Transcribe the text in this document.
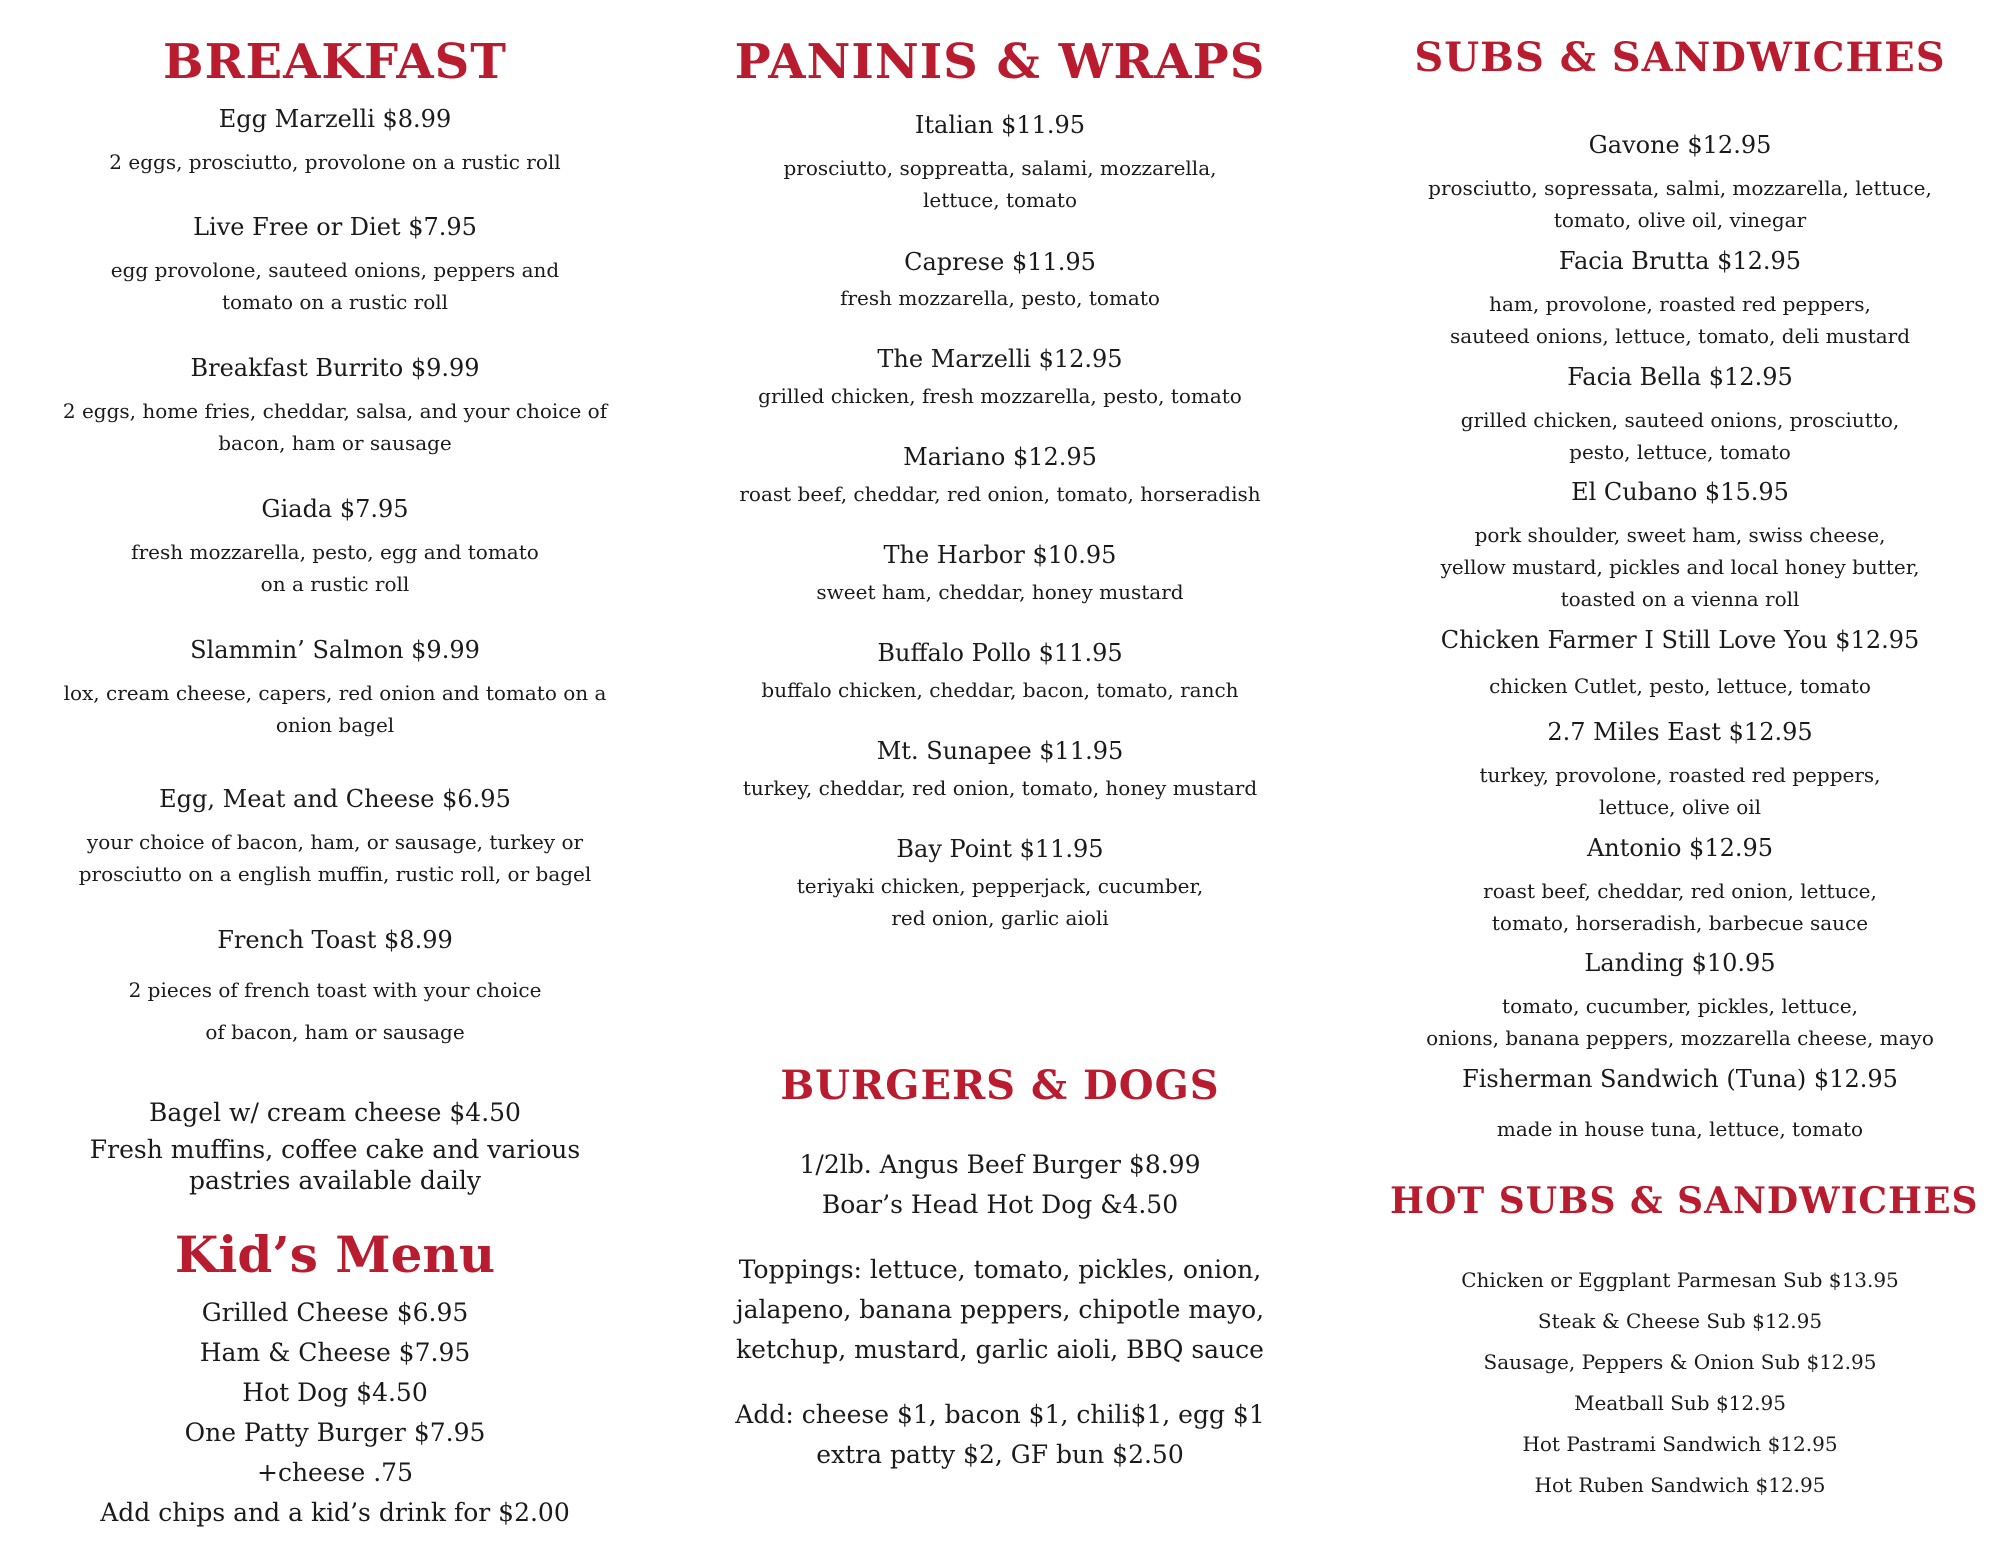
BREAKFAST
Egg Marzelli $8.99
2 eggs, prosciutto, provolone on a rustic roll
Live Free or Diet $7.95
egg provolone, sauteed onions, peppers and
tomato on a rustic roll
Breakfast Burrito $9.99
2 eggs, home fries, cheddar, salsa, and your choice of
bacon, ham or sausage
Giada $7.95
fresh mozzarella, pesto, egg and tomato
on a rustic roll
Slammin’ Salmon $9.99
lox, cream cheese, capers, red onion and tomato on a
onion bagel
Egg, Meat and Cheese $6.95
your choice of bacon, ham, or sausage, turkey or
prosciutto on a english muffin, rustic roll, or bagel
French Toast $8.99
2 pieces of french toast with your choice
of bacon, ham or sausage
Bagel w/ cream cheese $4.50
Fresh muffins, coffee cake and various
pastries available daily
Kid’s Menu
Grilled Cheese $6.95
Ham & Cheese $7.95
Hot Dog $4.50
One Patty Burger $7.95
+cheese .75
Add chips and a kid’s drink for $2.00
PANINIS & WRAPS
Italian $11.95
prosciutto, soppreatta, salami, mozzarella,
lettuce, tomato
Caprese $11.95
fresh mozzarella, pesto, tomato
The Marzelli $12.95
grilled chicken, fresh mozzarella, pesto, tomato
Mariano $12.95
roast beef, cheddar, red onion, tomato, horseradish
The Harbor $10.95
sweet ham, cheddar, honey mustard
Buffalo Pollo $11.95
buffalo chicken, cheddar, bacon, tomato, ranch
Mt. Sunapee $11.95
turkey, cheddar, red onion, tomato, honey mustard
Bay Point $11.95
teriyaki chicken, pepperjack, cucumber,
red onion, garlic aioli
BURGERS & DOGS
1/2lb. Angus Beef Burger $8.99
Boar’s Head Hot Dog &4.50
Toppings: lettuce, tomato, pickles, onion,
jalapeno, banana peppers, chipotle mayo,
ketchup, mustard, garlic aioli, BBQ sauce
Add: cheese $1, bacon $1, chili$1, egg $1
extra patty $2, GF bun $2.50
SUBS & SANDWICHES
Gavone $12.95
prosciutto, sopressata, salmi, mozzarella, lettuce,
tomato, olive oil, vinegar
Facia Brutta $12.95
ham, provolone, roasted red peppers,
sauteed onions, lettuce, tomato, deli mustard
Facia Bella $12.95
grilled chicken, sauteed onions, prosciutto,
pesto, lettuce, tomato
El Cubano $15.95
pork shoulder, sweet ham, swiss cheese,
yellow mustard, pickles and local honey butter,
toasted on a vienna roll
Chicken Farmer I Still Love You $12.95
chicken Cutlet, pesto, lettuce, tomato
2.7 Miles East $12.95
turkey, provolone, roasted red peppers,
lettuce, olive oil
Antonio $12.95
roast beef, cheddar, red onion, lettuce,
tomato, horseradish, barbecue sauce
Landing $10.95
tomato, cucumber, pickles, lettuce,
onions, banana peppers, mozzarella cheese, mayo
Fisherman Sandwich (Tuna) $12.95
made in house tuna, lettuce, tomato
HOT SUBS & SANDWICHES
Chicken or Eggplant Parmesan Sub $13.95
Steak & Cheese Sub $12.95
Sausage, Peppers & Onion Sub $12.95
Meatball Sub $12.95
Hot Pastrami Sandwich $12.95
Hot Ruben Sandwich $12.95
